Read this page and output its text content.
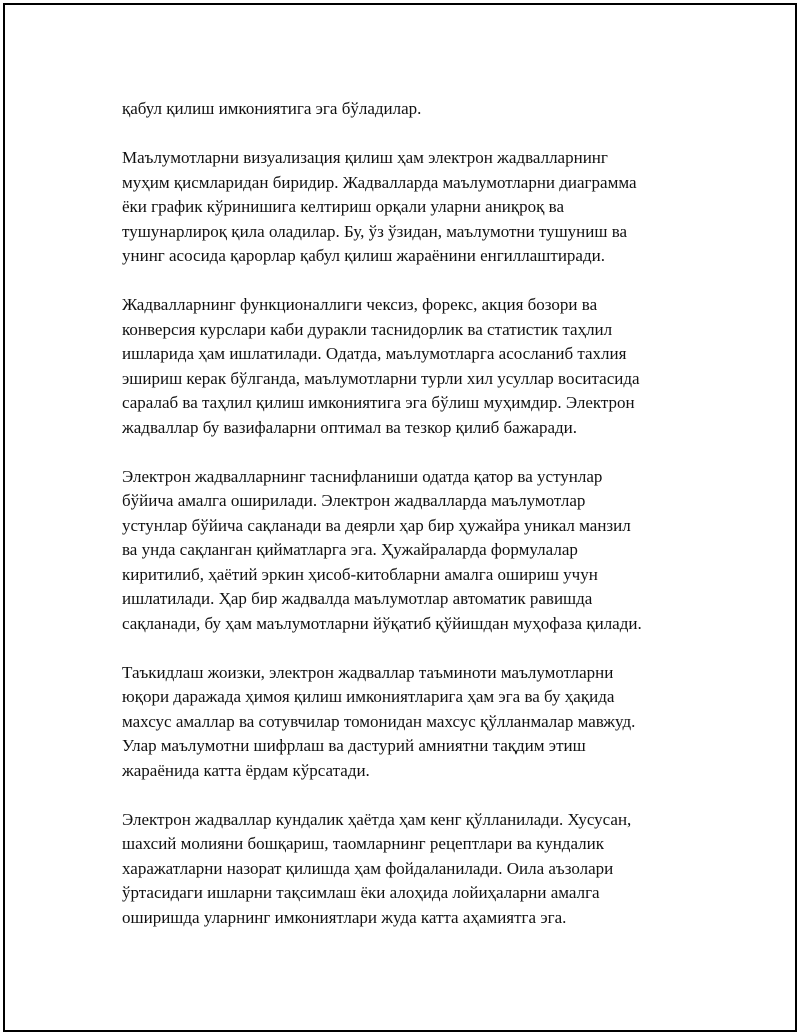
қабул қилиш имкониятига эга бўладилар.

Маълумотларни визуализация қилиш ҳам электрон жадвалларнинг
муҳим қисмларидан биридир. Жадвалларда маълумотларни диаграмма
ёки график кўринишига келтириш орқали уларни аниқроқ ва
тушунарлироқ қила оладилар. Бу, ўз ўзидан, маълумотни тушуниш ва
унинг асосида қарорлар қабул қилиш жараёнини енгиллаштиради.

Жадвалларнинг функционаллиги чексиз, форекс, акция бозори ва
конверсия курслари каби дуракли таснидорлик ва статистик таҳлил
ишларида ҳам ишлатилади. Одатда, маълумотларга асосланиб тахлия
эшириш керак бўлганда, маълумотларни турли хил усуллар воситасида
саралаб ва таҳлил қилиш имкониятига эга бўлиш муҳимдир. Электрон
жадваллар бу вазифаларни оптимал ва тезкор қилиб бажаради.

Электрон жадвалларнинг таснифланиши одатда қатор ва устунлар
бўйича амалга оширилади. Электрон жадвалларда маълумотлар
устунлар бўйича сақланади ва деярли ҳар бир ҳужайра уникал манзил
ва унда сақланган қийматларга эга. Ҳужайраларда формулалар
киритилиб, ҳаётий эркин ҳисоб-китобларни амалга ошириш учун
ишлатилади. Ҳар бир жадвалда маълумотлар автоматик равишда
сақланади, бу ҳам маълумотларни йўқатиб қўйишдан муҳофаза қилади.

Таъкидлаш жоизки, электрон жадваллар таъминоти маълумотларни
юқори даражада ҳимоя қилиш имкониятларига ҳам эга ва бу ҳақида
махсус амаллар ва сотувчилар томонидан махсус қўлланмалар мавжуд.
Улар маълумотни шифрлаш ва дастурий амниятни тақдим этиш
жараёнида катта ёрдам кўрсатади.

Электрон жадваллар кундалик ҳаётда ҳам кенг қўлланилади. Хусусан,
шахсий молияни бошқариш, таомларнинг рецептлари ва кундалик
харажатларни назорат қилишда ҳам фойдаланилади. Оила аъзолари
ўртасидаги ишларни тақсимлаш ёки алоҳида лойиҳаларни амалга
оширишда уларнинг имкониятлари жуда катта аҳамиятга эга.
